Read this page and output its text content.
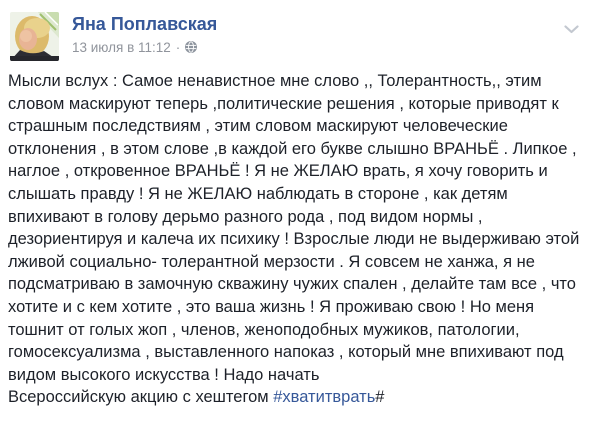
Яна Поплавская
13 июля в 11:12 ·
Мысли вслух : Самое ненавистное мне слово ,, Толерантность,, этим
словом маскируют теперь ,политические решения , которые приводят к
страшным последствиям , этим словом маскируют человеческие
отклонения , в этом слове ,в каждой его букве слышно ВРАНЬЁ . Липкое ,
наглое , откровенное ВРАНЬЁ ! Я не ЖЕЛАЮ врать, я хочу говорить и
слышать правду ! Я не ЖЕЛАЮ наблюдать в стороне , как детям
впихивают в голову дерьмо разного рода , под видом нормы ,
дезориентируя и калеча их психику ! Взрослые люди не выдерживаю этой
лживой социально- толерантной мерзости . Я совсем не ханжа, я не
подсматриваю в замочную скважину чужих спален , делайте там все , что
хотите и с кем хотите , это ваша жизнь ! Я проживаю свою ! Но меня
тошнит от голых жоп , членов, женоподобных мужиков, патологии,
гомосексуализма , выставленного напоказ , который мне впихивают под
видом высокого искусства ! Надо начать
Всероссийскую акцию с хештегом #хватитврать#
